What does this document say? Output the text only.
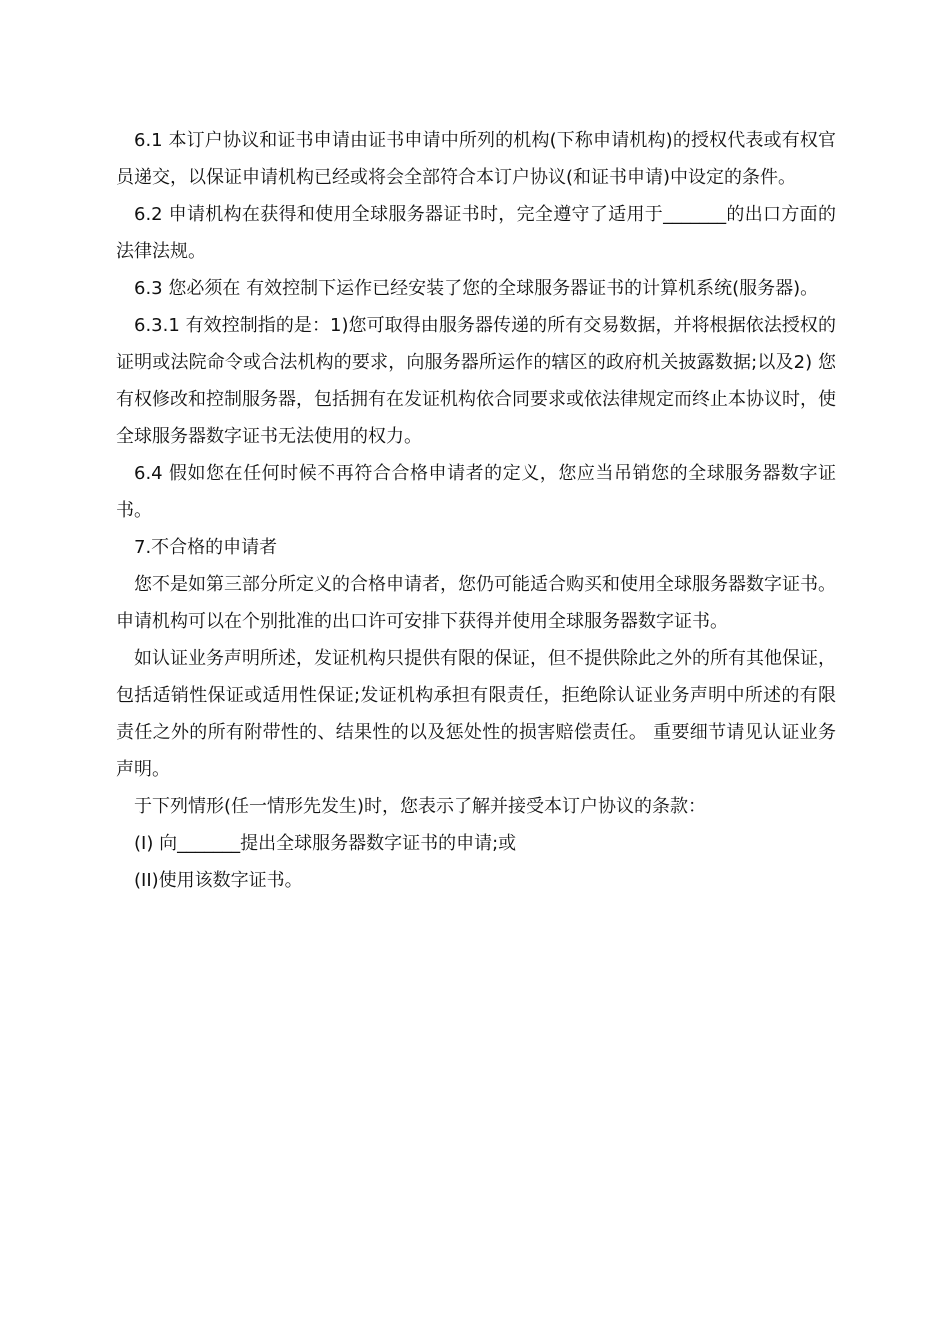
6.1 本订户协议和证书申请由证书申请中所列的机构(下称申请机构)的授权代表或有权官员递交，以保证申请机构已经或将会全部符合本订户协议(和证书申请)中设定的条件。

6.2 申请机构在获得和使用全球服务器证书时，完全遵守了适用于_______的出口方面的法律法规。

6.3 您必须在 有效控制下运作已经安装了您的全球服务器证书的计算机系统(服务器)。

6.3.1 有效控制指的是：1)您可取得由服务器传递的所有交易数据，并将根据依法授权的证明或法院命令或合法机构的要求，向服务器所运作的辖区的政府机关披露数据;以及2) 您有权修改和控制服务器，包括拥有在发证机构依合同要求或依法律规定而终止本协议时，使全球服务器数字证书无法使用的权力。

6.4 假如您在任何时候不再符合合格申请者的定义，您应当吊销您的全球服务器数字证书。

7.不合格的申请者

您不是如第三部分所定义的合格申请者，您仍可能适合购买和使用全球服务器数字证书。申请机构可以在个别批准的出口许可安排下获得并使用全球服务器数字证书。

如认证业务声明所述，发证机构只提供有限的保证，但不提供除此之外的所有其他保证，包括适销性保证或适用性保证;发证机构承担有限责任，拒绝除认证业务声明中所述的有限责任之外的所有附带性的、结果性的以及惩处性的损害赔偿责任。 重要细节请见认证业务声明。

于下列情形(任一情形先发生)时，您表示了解并接受本订户协议的条款：

(I) 向_______提出全球服务器数字证书的申请;或

(II)使用该数字证书。
